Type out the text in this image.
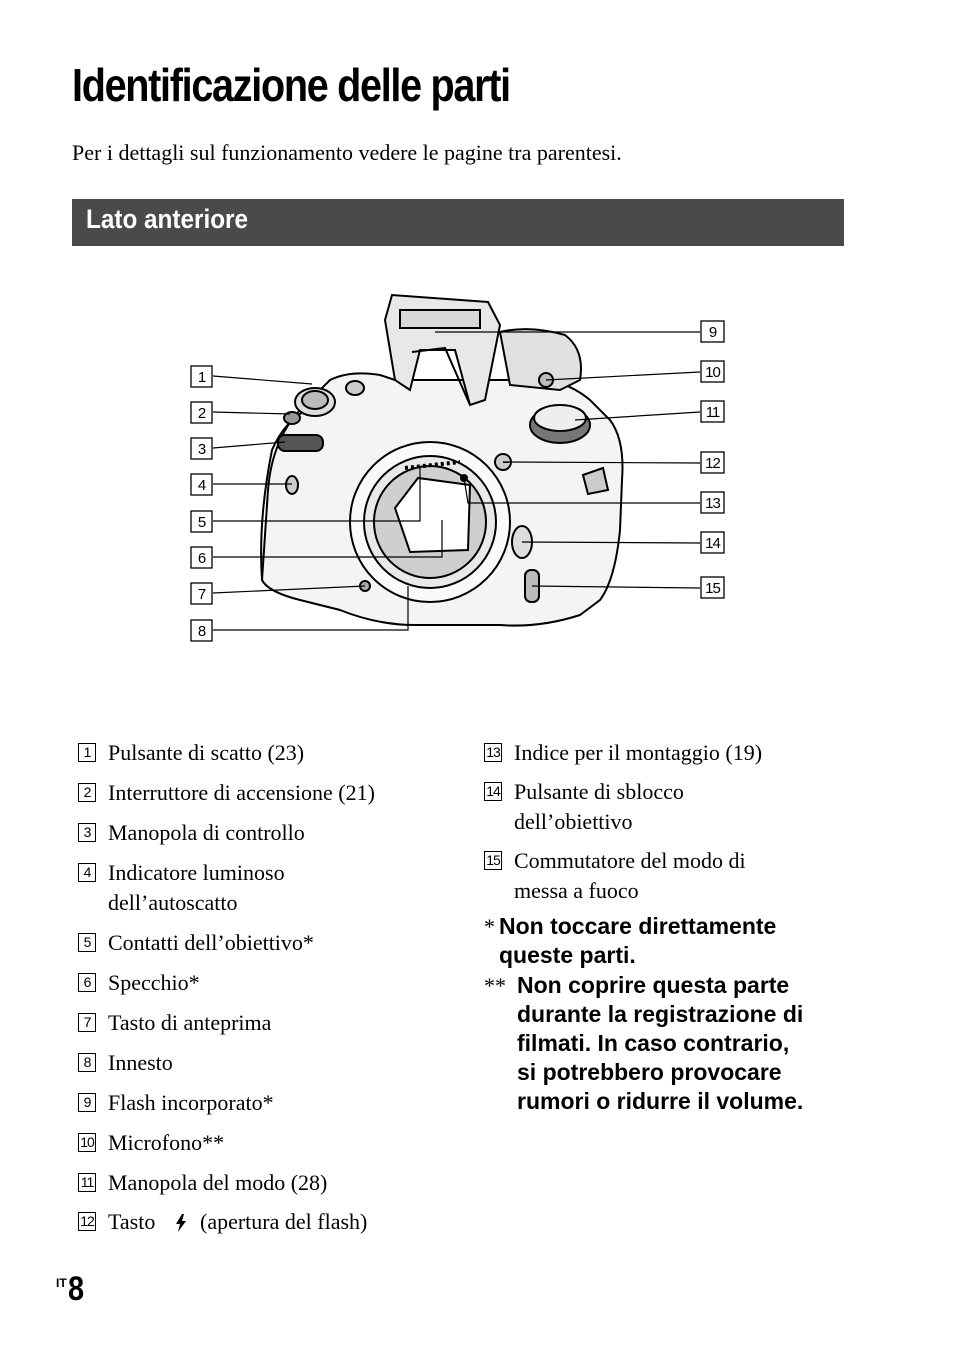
Identificazione delle parti
Per i dettagli sul funzionamento vedere le pagine tra parentesi.
Lato anteriore
1
2
3
4
5
6
7
8
9
10
11
12
13
14
15
1 Pulsante di scatto (23)
2 Interruttore di accensione (21)
3 Manopola di controllo
4 Indicatore luminoso
dell’autoscatto
5 Contatti dell’obiettivo*
6 Specchio*
7 Tasto di anteprima
8 Innesto
9 Flash incorporato*
10 Microfono**
11 Manopola del modo (28)
12 Tasto (apertura del flash)
13 Indice per il montaggio (19)
14 Pulsante di sblocco
dell’obiettivo
15 Commutatore del modo di
messa a fuoco
* Non toccare direttamente
queste parti.
** Non coprire questa parte
durante la registrazione di
filmati. In caso contrario,
si potrebbero provocare
rumori o ridurre il volume.
IT 8
